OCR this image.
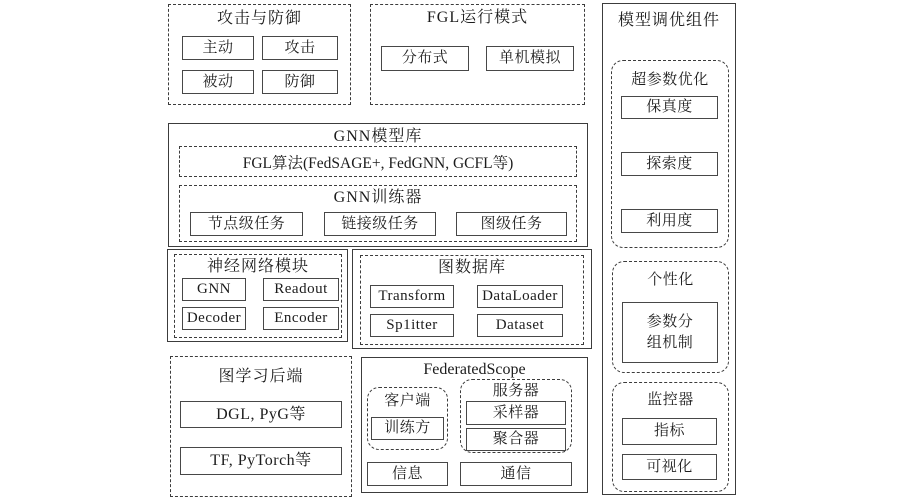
攻击与防御
主动	攻击
被动	防御
FGL运行模式
分布式	单机模拟
GNN模型库
FGL算法(FedSAGE+, FedGNN, GCFL等)
GNN训练器
节点级任务	链接级任务	图级任务
神经网络模块
GNN	Readout
Decoder	Encoder
图数据库
Transform	DataLoader
Sp1itter	Dataset
图学习后端
DGL, PyG等
TF, PyTorch等
FederatedScope
客户端
训练方
服务器
采样器
聚合器
信息	通信
模型调优组件
超参数优化
保真度
探索度
利用度
个性化
参数分组机制
监控器
指标
可视化
